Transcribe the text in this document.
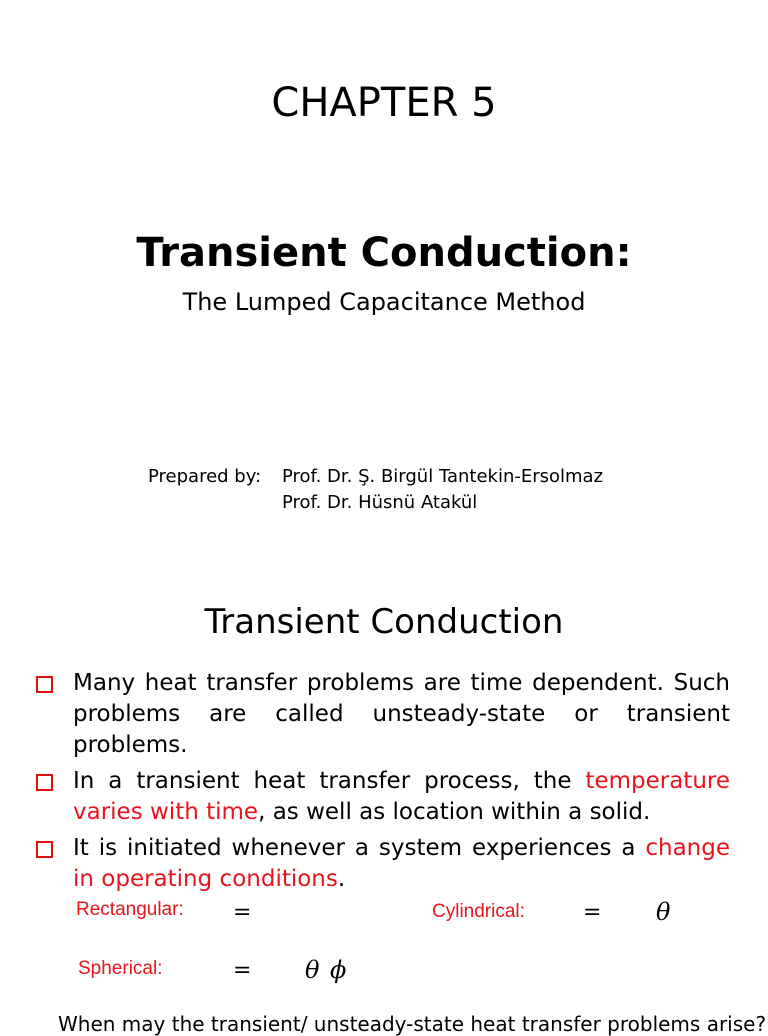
CHAPTER 5
Transient Conduction:
The Lumped Capacitance Method
Prepared by: Prof. Dr. Ş. Birgül Tantekin-Ersolmaz
Prof. Dr. Hüsnü Atakül
Transient Conduction
Many heat transfer problems are time dependent. Such problems are called unsteady-state or transient problems.
In a transient heat transfer process, the temperature varies with time, as well as location within a solid.
It is initiated whenever a system experiences a change in operating conditions.
Rectangular: =	Cylindrical:	= θ
Spherical:	= θ ϕ
When may the transient/ unsteady-state heat transfer problems arise?
